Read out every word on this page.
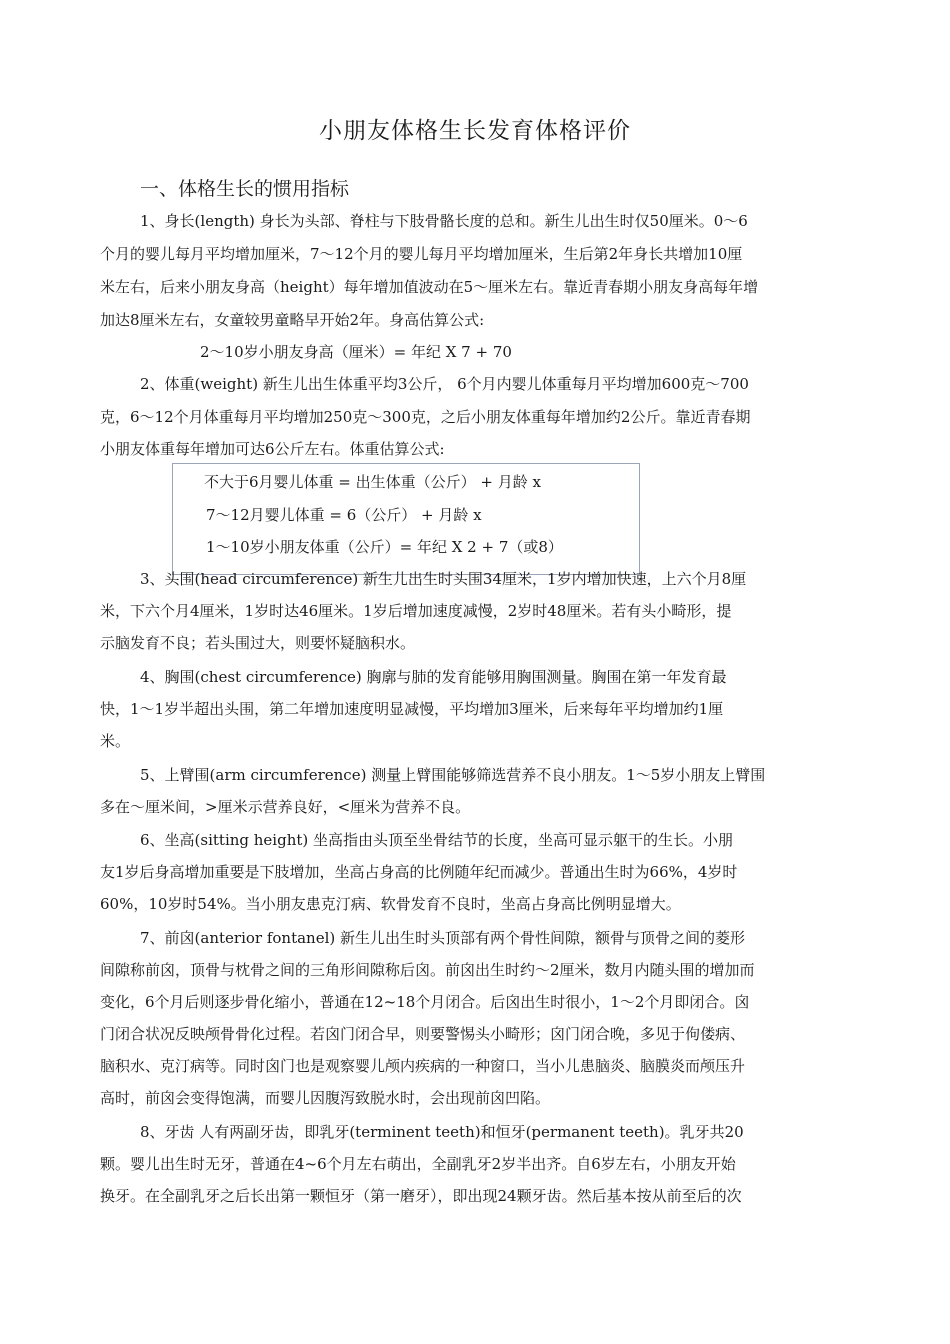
小朋友体格生长发育体格评价
一、体格生长的惯用指标
1、身长(length) 身长为头部、脊柱与下肢骨骼长度的总和。新生儿出生时仅50厘米。0～6
个月的婴儿每月平均增加厘米，7～12个月的婴儿每月平均增加厘米，生后第2年身长共增加10厘
米左右，后来小朋友身高（height）每年增加值波动在5～厘米左右。靠近青春期小朋友身高每年增
加达8厘米左右，女童较男童略早开始2年。身高估算公式:
2～10岁小朋友身高（厘米）= 年纪 X 7 + 70
2、体重(weight) 新生儿出生体重平均3公斤， 6个月内婴儿体重每月平均增加600克～700
克，6～12个月体重每月平均增加250克～300克，之后小朋友体重每年增加约2公斤。靠近青春期
小朋友体重每年增加可达6公斤左右。体重估算公式:
不大于6月婴儿体重 = 出生体重（公斤） + 月龄 x
7～12月婴儿体重 = 6（公斤） + 月龄 x
1～10岁小朋友体重（公斤）= 年纪 X 2 + 7（或8）
3、头围(head circumference) 新生儿出生时头围34厘米，1岁内增加快速，上六个月8厘
米，下六个月4厘米，1岁时达46厘米。1岁后增加速度减慢，2岁时48厘米。若有头小畸形，提
示脑发育不良；若头围过大，则要怀疑脑积水。
4、胸围(chest circumference) 胸廓与肺的发育能够用胸围测量。胸围在第一年发育最
快，1～1岁半超出头围，第二年增加速度明显减慢，平均增加3厘米，后来每年平均增加约1厘
米。
5、上臂围(arm circumference) 测量上臂围能够筛选营养不良小朋友。1～5岁小朋友上臂围
多在～厘米间，>厘米示营养良好，<厘米为营养不良。
6、坐高(sitting height) 坐高指由头顶至坐骨结节的长度，坐高可显示躯干的生长。小朋
友1岁后身高增加重要是下肢增加，坐高占身高的比例随年纪而减少。普通出生时为66%，4岁时
60%，10岁时54%。当小朋友患克汀病、软骨发育不良时，坐高占身高比例明显增大。
7、前囟(anterior fontanel) 新生儿出生时头顶部有两个骨性间隙，额骨与顶骨之间的菱形
间隙称前囟，顶骨与枕骨之间的三角形间隙称后囟。前囟出生时约～2厘米，数月内随头围的增加而
变化，6个月后则逐步骨化缩小，普通在12~18个月闭合。后囟出生时很小，1～2个月即闭合。囟
门闭合状况反映颅骨骨化过程。若囟门闭合早，则要警惕头小畸形；囟门闭合晚，多见于佝偻病、
脑积水、克汀病等。同时囟门也是观察婴儿颅内疾病的一种窗口，当小儿患脑炎、脑膜炎而颅压升
高时，前囟会变得饱满，而婴儿因腹泻致脱水时，会出现前囟凹陷。
8、牙齿 人有两副牙齿，即乳牙(terminent teeth)和恒牙(permanent teeth)。乳牙共20
颗。婴儿出生时无牙，普通在4~6个月左右萌出，全副乳牙2岁半出齐。自6岁左右，小朋友开始
换牙。在全副乳牙之后长出第一颗恒牙（第一磨牙），即出现24颗牙齿。然后基本按从前至后的次
